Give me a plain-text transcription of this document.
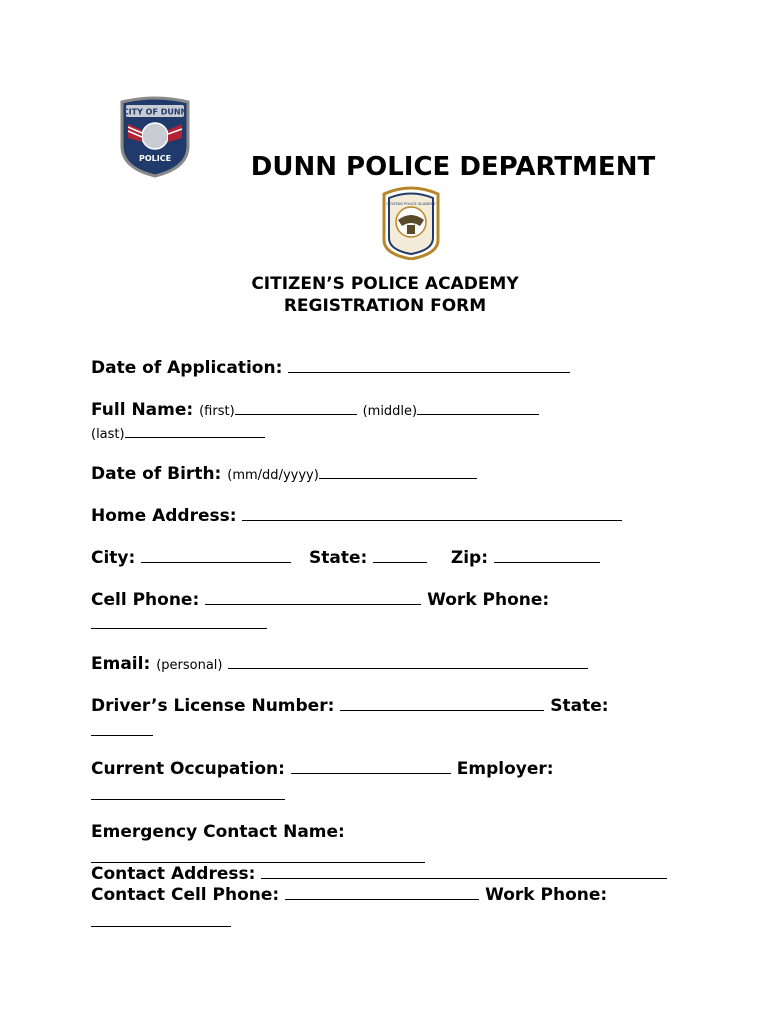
CITY OF DUNN
POLICE	DUNN POLICE DEPARTMENT
CITIZENS POLICE ACADEMY
CITIZEN’S POLICE ACADEMY
REGISTRATION FORM
Date of Application:
Full Name: (first)	(middle)
(last)
Date of Birth: (mm/dd/yyyy)
Home Address:
City:	State:	Zip:
Cell Phone:	Work Phone:
Email: (personal)
Driver’s License Number:	State:
Current Occupation:	Employer:
Emergency Contact Name:
Contact Address:
Contact Cell Phone:	Work Phone:
